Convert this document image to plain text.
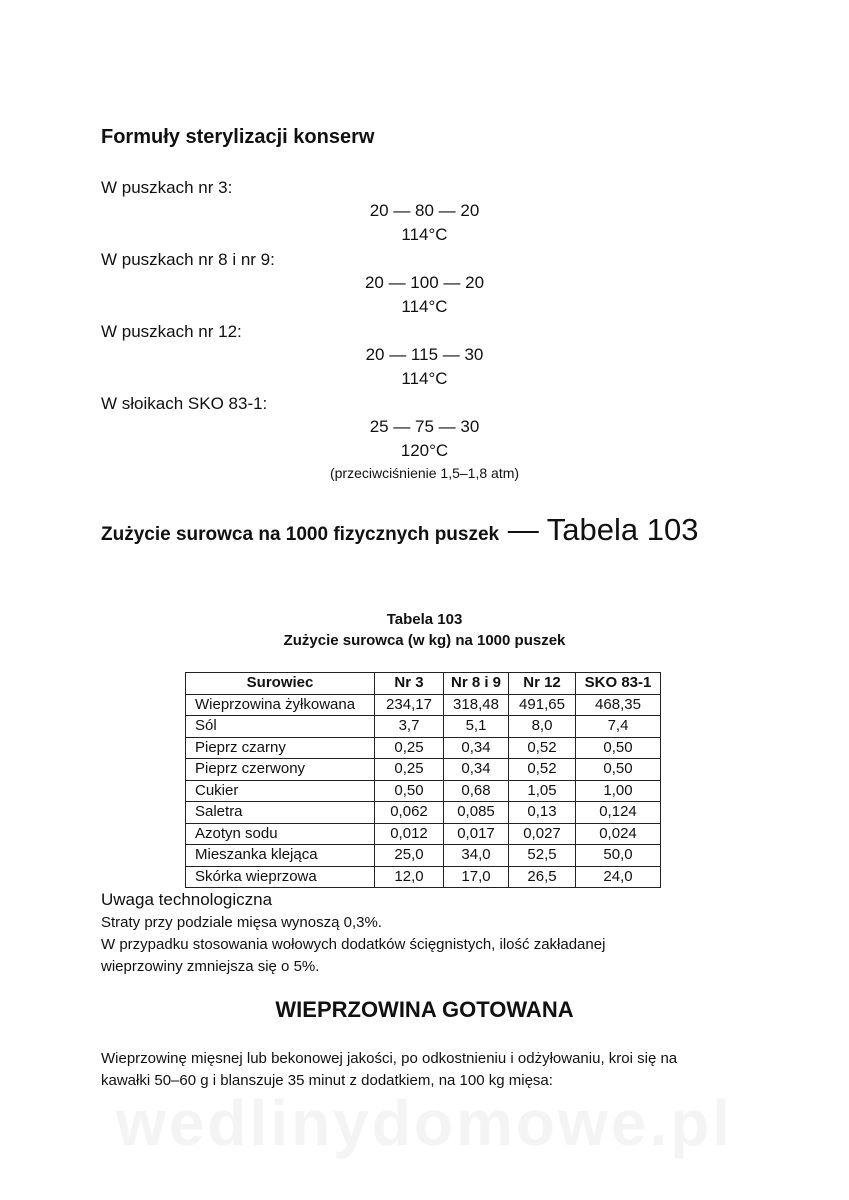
Formuły sterylizacji konserw
W puszkach nr 3:
20 — 80 — 20
114°C
W puszkach nr 8 i nr 9:
20 — 100 — 20
114°C
W puszkach nr 12:
20 — 115 — 30
114°C
W słoikach SKO 83-1:
25 — 75 — 30
120°C
(przeciwciśnienie 1,5–1,8 atm)
Zużycie surowca na 1000 fizycznych puszek — Tabela 103
Tabela 103
Zużycie surowca (w kg) na 1000 puszek
Surowiec	Nr 3	Nr 8 i 9	Nr 12	SKO 83-1
Wieprzowina żyłkowana	234,17	318,48	491,65	468,35
Sól	3,7	5,1	8,0	7,4
Pieprz czarny	0,25	0,34	0,52	0,50
Pieprz czerwony	0,25	0,34	0,52	0,50
Cukier	0,50	0,68	1,05	1,00
Saletra	0,062	0,085	0,13	0,124
Azotyn sodu	0,012	0,017	0,027	0,024
Mieszanka klejąca	25,0	34,0	52,5	50,0
Skórka wieprzowa	12,0	17,0	26,5	24,0
Uwaga technologiczna
Straty przy podziale mięsa wynoszą 0,3%.
W przypadku stosowania wołowych dodatków ścięgnistych, ilość zakładanej
wieprzowiny zmniejsza się o 5%.
WIEPRZOWINA GOTOWANA
Wieprzowinę mięsnej lub bekonowej jakości, po odkostnieniu i odżyłowaniu, kroi się na
kawałki 50–60 g i blanszuje 35 minut z dodatkiem, na 100 kg mięsa:
wedlinydomowe.pl
